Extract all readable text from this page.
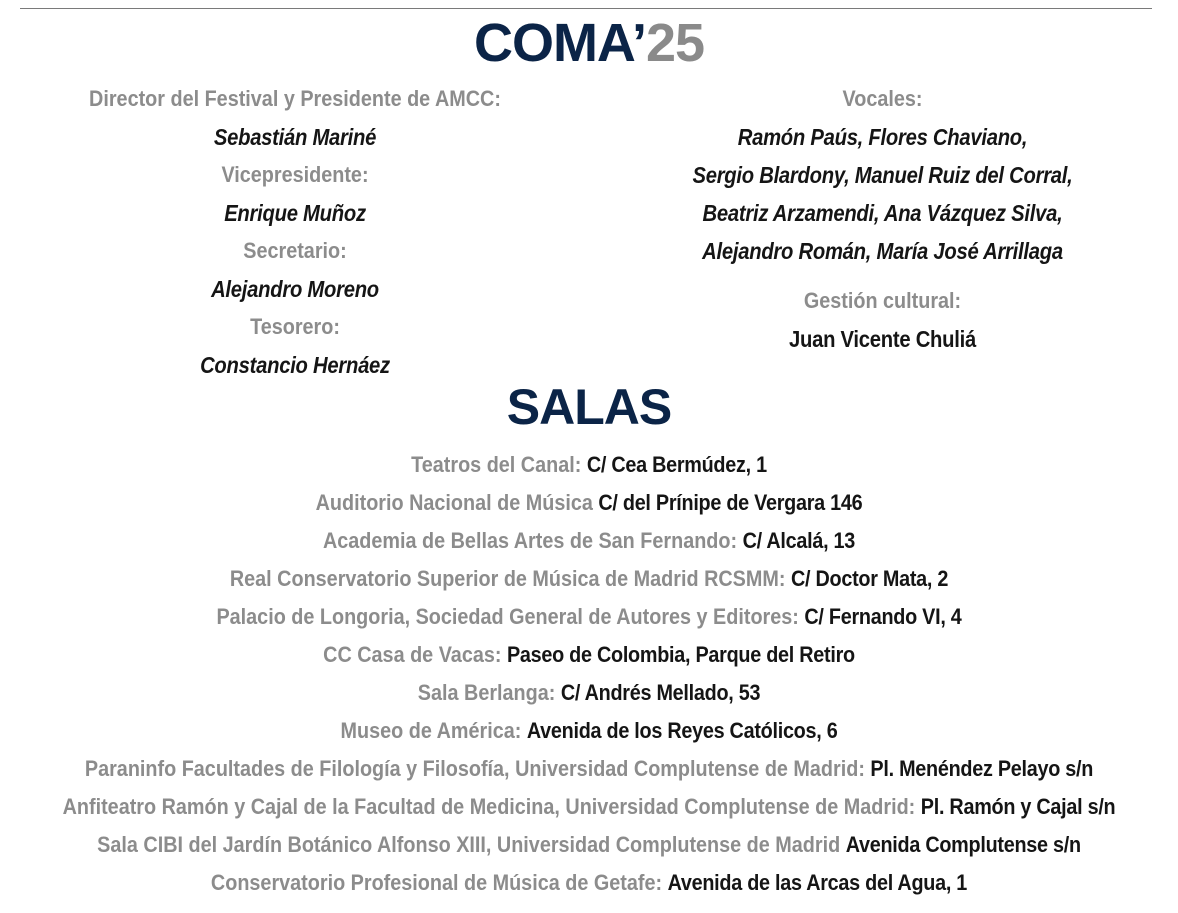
COMA’25
Director del Festival y Presidente de AMCC:
Sebastián Mariné
Vicepresidente:
Enrique Muñoz
Secretario:
Alejandro Moreno
Tesorero:
Constancio Hernáez
Vocales:
Ramón Paús, Flores Chaviano,
Sergio Blardony, Manuel Ruiz del Corral,
Beatriz Arzamendi, Ana Vázquez Silva,
Alejandro Román, María José Arrillaga
Gestión cultural:
Juan Vicente Chuliá
SALAS
Teatros del Canal: C/ Cea Bermúdez, 1
Auditorio Nacional de Música C/ del Prínipe de Vergara 146
Academia de Bellas Artes de San Fernando: C/ Alcalá, 13
Real Conservatorio Superior de Música de Madrid RCSMM: C/ Doctor Mata, 2
Palacio de Longoria, Sociedad General de Autores y Editores: C/ Fernando VI, 4
CC Casa de Vacas: Paseo de Colombia, Parque del Retiro
Sala Berlanga: C/ Andrés Mellado, 53
Museo de América: Avenida de los Reyes Católicos, 6
Paraninfo Facultades de Filología y Filosofía, Universidad Complutense de Madrid: Pl. Menéndez Pelayo s/n
Anfiteatro Ramón y Cajal de la Facultad de Medicina, Universidad Complutense de Madrid: Pl. Ramón y Cajal s/n
Sala CIBI del Jardín Botánico Alfonso XIII, Universidad Complutense de Madrid Avenida Complutense s/n
Conservatorio Profesional de Música de Getafe: Avenida de las Arcas del Agua, 1
